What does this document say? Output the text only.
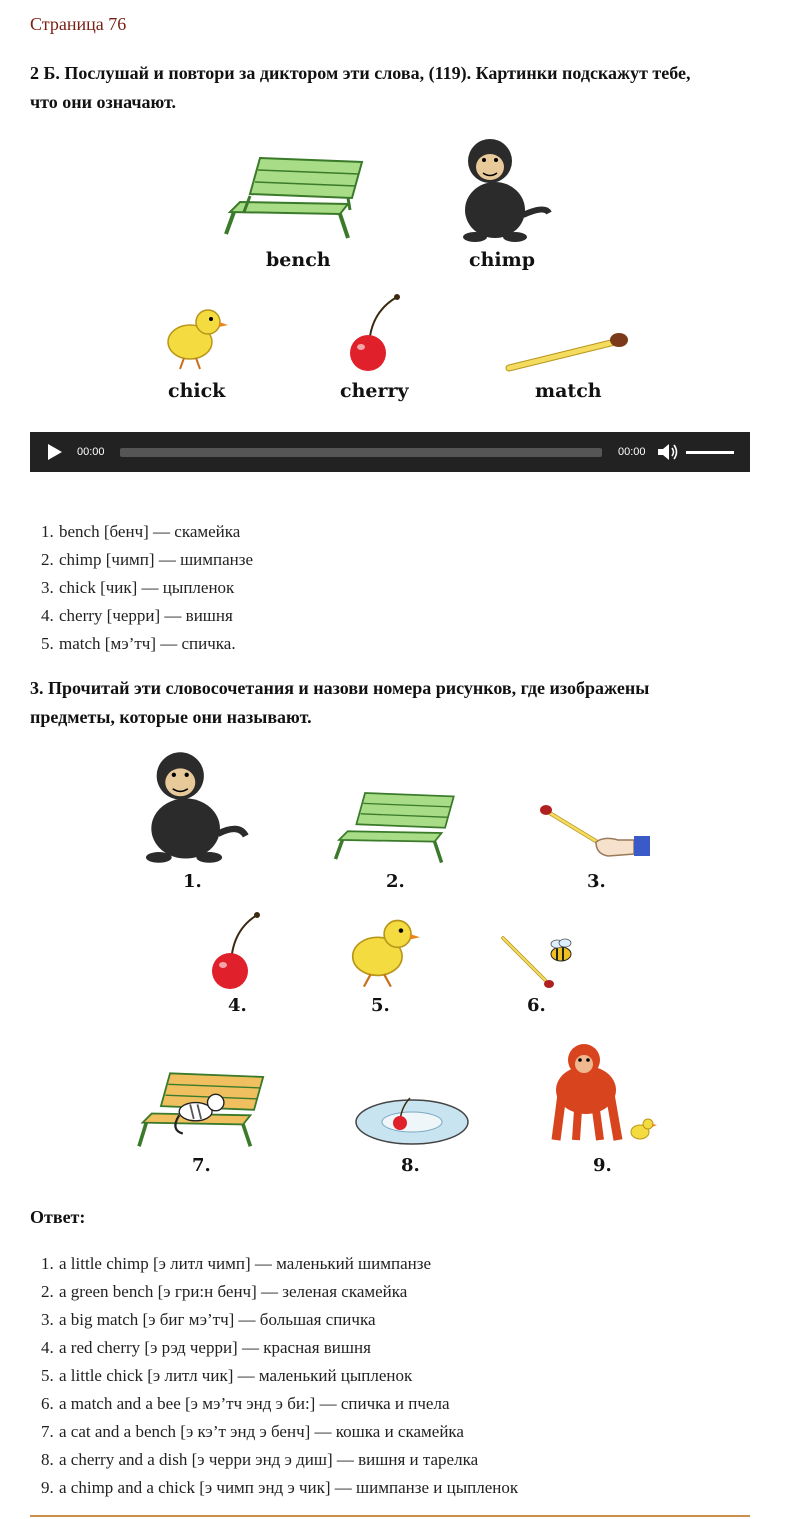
Страница 76
2 Б. Послушай и повтори за диктором эти слова, (119). Картинки подскажут тебе, что они означают.
bench	chimp
chick	cherry	match
00:00	00:00
1. bench [бенч] — скамейка
2. chimp [чимп] — шимпанзе
3. chick [чик] — цыпленок
4. cherry [черри] — вишня
5. match [мэ’тч] — спичка.
3. Прочитай эти словосочетания и назови номера рисунков, где изображены предметы, которые они называют.
1.	2.	3.
4.	5.	6.
7.	8.	9.
Ответ:
1. a little chimp [э литл чимп] — маленький шимпанзе
2. a green bench [э гри:н бенч] — зеленая скамейка
3. a big match [э биг мэ’тч] — большая спичка
4. a red cherry [э рэд черри] — красная вишня
5. a little chick [э литл чик] — маленький цыпленок
6. a match and a bee [э мэ’тч энд э би:] — спичка и пчела
7. a cat and a bench [э кэ’т энд э бенч] — кошка и скамейка
8. a cherry and a dish [э черри энд э диш] — вишня и тарелка
9. a chimp and a chick [э чимп энд э чик] — шимпанзе и цыпленок
